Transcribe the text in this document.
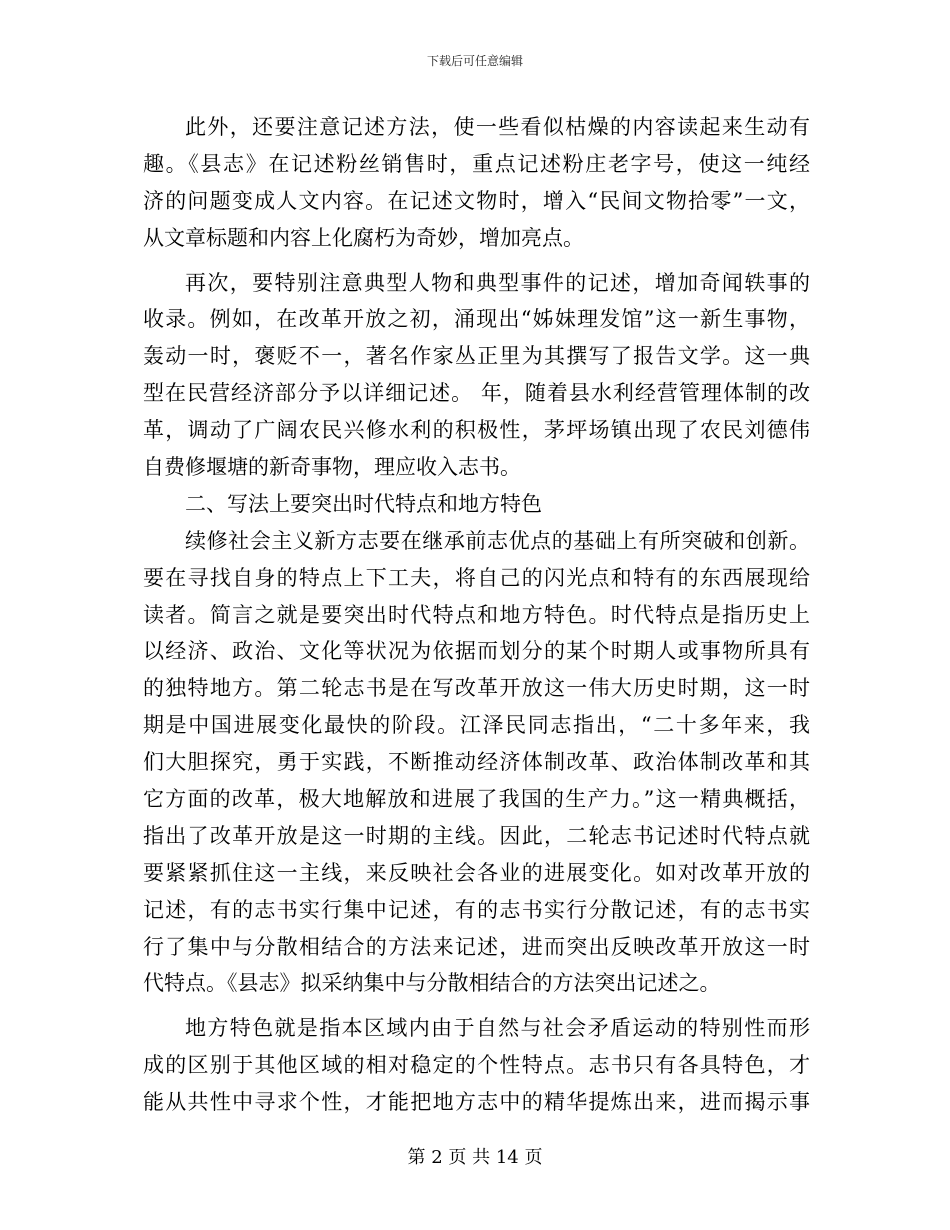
下载后可任意编辑
此外，还要注意记述方法，使一些看似枯燥的内容读起来生动有
趣。《县志》在记述粉丝销售时，重点记述粉庄老字号，使这一纯经
济的问题变成人文内容。在记述文物时，增入“民间文物拾零”一文，
从文章标题和内容上化腐朽为奇妙，增加亮点。
再次，要特别注意典型人物和典型事件的记述，增加奇闻轶事的
收录。例如，在改革开放之初，涌现出“姊妹理发馆”这一新生事物，
轰动一时，褒贬不一，著名作家丛正里为其撰写了报告文学。这一典
型在民营经济部分予以详细记述。 年，随着县水利经营管理体制的改
革，调动了广阔农民兴修水利的积极性，茅坪场镇出现了农民刘德伟
自费修堰塘的新奇事物，理应收入志书。
二、写法上要突出时代特点和地方特色
续修社会主义新方志要在继承前志优点的基础上有所突破和创新。
要在寻找自身的特点上下工夫，将自己的闪光点和特有的东西展现给
读者。简言之就是要突出时代特点和地方特色。时代特点是指历史上
以经济、政治、文化等状况为依据而划分的某个时期人或事物所具有
的独特地方。第二轮志书是在写改革开放这一伟大历史时期，这一时
期是中国进展变化最快的阶段。江泽民同志指出，“二十多年来，我
们大胆探究，勇于实践，不断推动经济体制改革、政治体制改革和其
它方面的改革，极大地解放和进展了我国的生产力。”这一精典概括，
指出了改革开放是这一时期的主线。因此，二轮志书记述时代特点就
要紧紧抓住这一主线，来反映社会各业的进展变化。如对改革开放的
记述，有的志书实行集中记述，有的志书实行分散记述，有的志书实
行了集中与分散相结合的方法来记述，进而突出反映改革开放这一时
代特点。《县志》拟采纳集中与分散相结合的方法突出记述之。
地方特色就是指本区域内由于自然与社会矛盾运动的特别性而形
成的区别于其他区域的相对稳定的个性特点。志书只有各具特色，才
能从共性中寻求个性，才能把地方志中的精华提炼出来，进而揭示事
第 2 页 共 14 页
